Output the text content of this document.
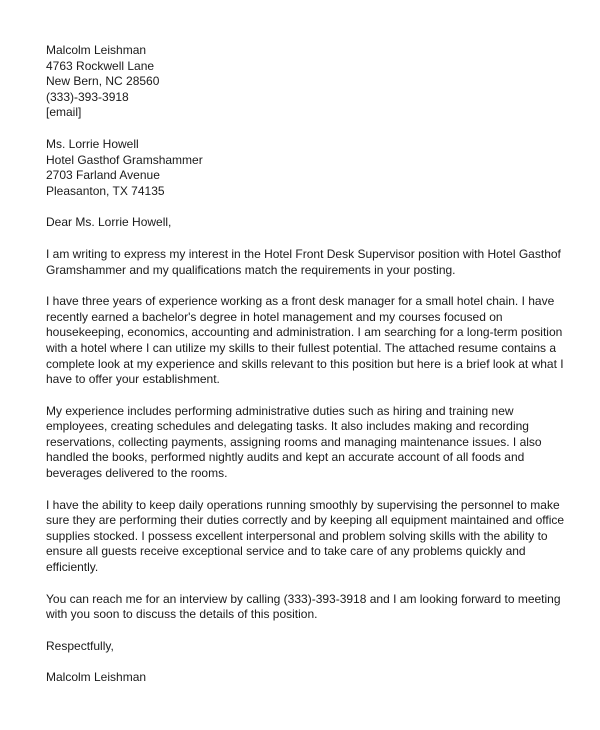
Malcolm Leishman
4763 Rockwell Lane
New Bern, NC 28560
(333)-393-3918
[email]
Ms. Lorrie Howell
Hotel Gasthof Gramshammer
2703 Farland Avenue
Pleasanton, TX 74135
Dear Ms. Lorrie Howell,
I am writing to express my interest in the Hotel Front Desk Supervisor position with Hotel Gasthof
Gramshammer and my qualifications match the requirements in your posting.
I have three years of experience working as a front desk manager for a small hotel chain. I have
recently earned a bachelor's degree in hotel management and my courses focused on
housekeeping, economics, accounting and administration. I am searching for a long-term position
with a hotel where I can utilize my skills to their fullest potential. The attached resume contains a
complete look at my experience and skills relevant to this position but here is a brief look at what I
have to offer your establishment.
My experience includes performing administrative duties such as hiring and training new
employees, creating schedules and delegating tasks. It also includes making and recording
reservations, collecting payments, assigning rooms and managing maintenance issues. I also
handled the books, performed nightly audits and kept an accurate account of all foods and
beverages delivered to the rooms.
I have the ability to keep daily operations running smoothly by supervising the personnel to make
sure they are performing their duties correctly and by keeping all equipment maintained and office
supplies stocked. I possess excellent interpersonal and problem solving skills with the ability to
ensure all guests receive exceptional service and to take care of any problems quickly and
efficiently.
You can reach me for an interview by calling (333)-393-3918 and I am looking forward to meeting
with you soon to discuss the details of this position.
Respectfully,
Malcolm Leishman
